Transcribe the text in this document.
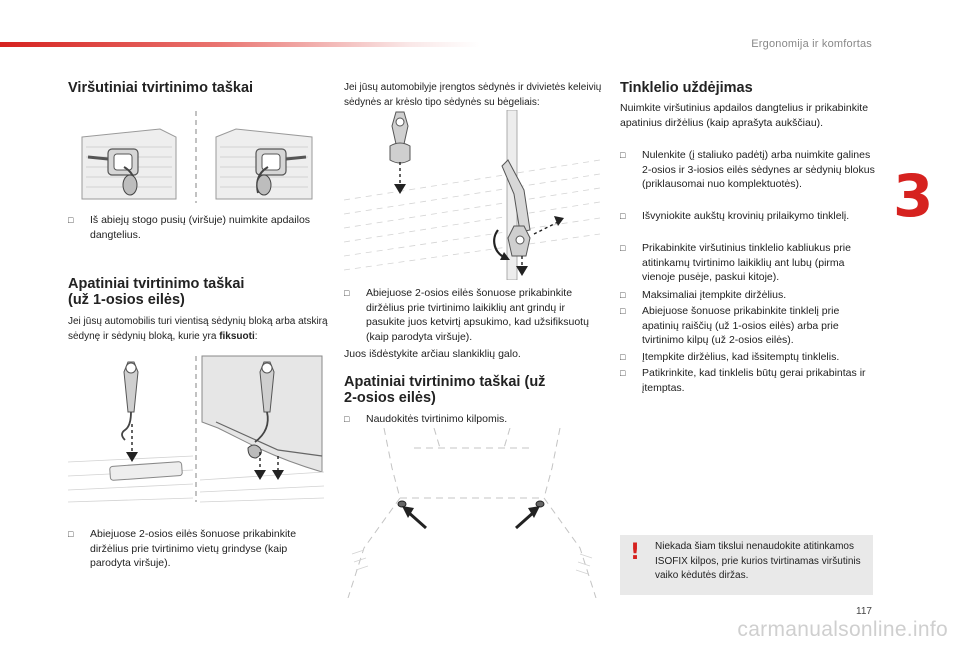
Ergonomija ir komfortas
3
Viršutiniai tvirtinimo taškai
□ Iš abiejų stogo pusių (viršuje) nuimkite apdailos dangtelius.
Apatiniai tvirtinimo taškai
(už 1-osios eilės)
Jei jūsų automobilis turi vientisą sėdynių bloką arba atskirą sėdynę ir sėdynių bloką, kurie yra fiksuoti:
□ Abiejuose 2-osios eilės šonuose prikabinkite diržėlius prie tvirtinimo vietų grindyse (kaip parodyta viršuje).
Jei jūsų automobilyje įrengtos sėdynės ir dvivietės keleivių sėdynės ar krėslo tipo sėdynės su bėgeliais:
□ Abiejuose 2-osios eilės šonuose prikabinkite diržėlius prie tvirtinimo laikiklių ant grindų ir pasukite juos ketvirtį apsukimo, kad užsifiksuotų (kaip parodyta viršuje).
Juos išdėstykite arčiau slankiklių galo.
Apatiniai tvirtinimo taškai (už
2-osios eilės)
□ Naudokitės tvirtinimo kilpomis.
Tinklelio uždėjimas
Nuimkite viršutinius apdailos dangtelius ir prikabinkite apatinius diržėlius (kaip aprašyta aukščiau).
□ Nulenkite (į staliuko padėtį) arba nuimkite galines 2-osios ir 3-iosios eilės sėdynes ar sėdynių blokus (priklausomai nuo komplektuotės).
□ Išvyniokite aukštų krovinių prilaikymo tinklelį.
□ Prikabinkite viršutinius tinklelio kabliukus prie atitinkamų tvirtinimo laikiklių ant lubų (pirma vienoje pusėje, paskui kitoje).
□ Maksimaliai įtempkite diržėlius.
□ Abiejuose šonuose prikabinkite tinklelį prie apatinių raiščių (už 1-osios eilės) arba prie tvirtinimo kilpų (už 2-osios eilės).
□ Įtempkite diržėlius, kad išsitemptų tinklelis.
□ Patikrinkite, kad tinklelis būtų gerai prikabintas ir įtemptas.
! Niekada šiam tikslui nenaudokite atitinkamos ISOFIX kilpos, prie kurios tvirtinamas viršutinis vaiko kėdutės diržas.
117
carmanualsonline.info
